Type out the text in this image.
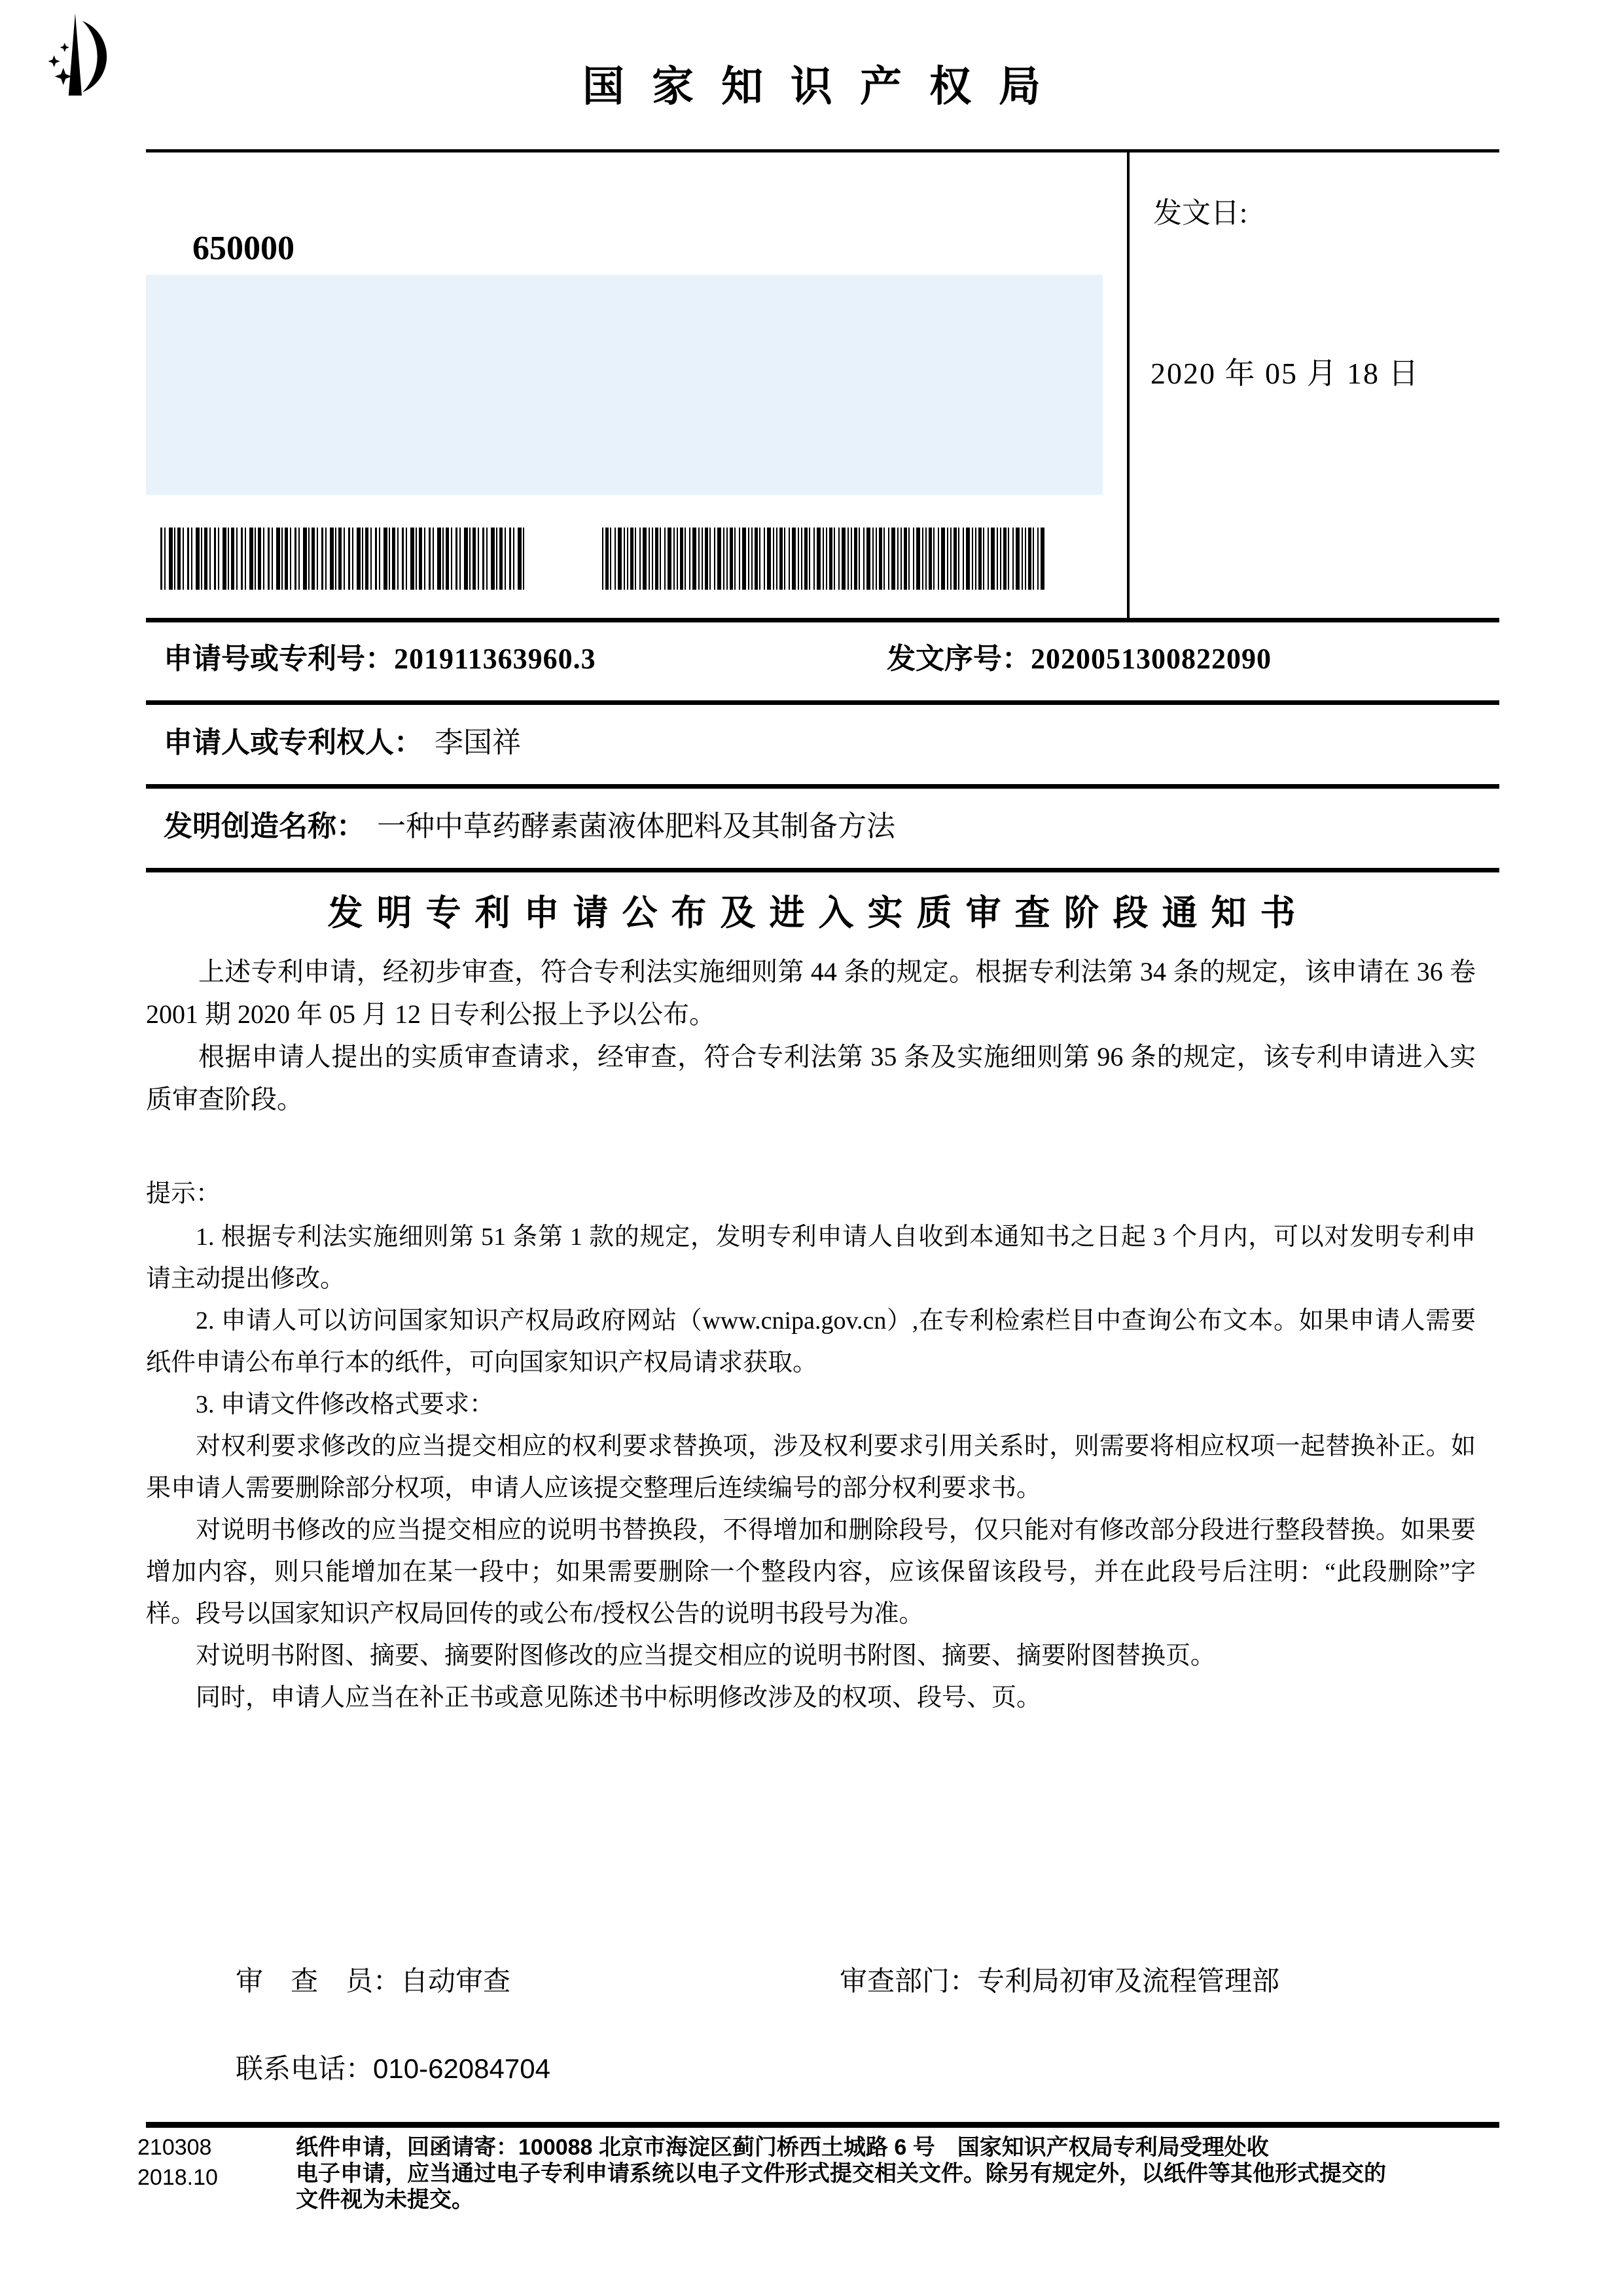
国家知识产权局
650000
发文日:
2020 年 05 月 18 日
申请号或专利号： 201911363960.3	发文序号： 2020051300822090
申请人或专利权人： 李国祥
发明创造名称： 一种中草药酵素菌液体肥料及其制备方法
发明专利申请公布及进入实质审查阶段通知书

上述专利申请，经初步审查，符合专利法实施细则第 44 条的规定。根据专利法第 34 条的规定，该申请在 36 卷 2001 期 2020 年 05 月 12 日专利公报上予以公布。

根据申请人提出的实质审查请求，经审查，符合专利法第 35 条及实施细则第 96 条的规定，该专利申请进入实质审查阶段。

提示：

1. 根据专利法实施细则第 51 条第 1 款的规定，发明专利申请人自收到本通知书之日起 3 个月内，可以对发明专利申请主动提出修改。

2. 申请人可以访问国家知识产权局政府网站（www.cnipa.gov.cn）,在专利检索栏目中查询公布文本。如果申请人需要纸件申请公布单行本的纸件，可向国家知识产权局请求获取。

3. 申请文件修改格式要求：

对权利要求修改的应当提交相应的权利要求替换项，涉及权利要求引用关系时，则需要将相应权项一起替换补正。如果申请人需要删除部分权项，申请人应该提交整理后连续编号的部分权利要求书。

对说明书修改的应当提交相应的说明书替换段，不得增加和删除段号，仅只能对有修改部分段进行整段替换。如果要增加内容，则只能增加在某一段中；如果需要删除一个整段内容，应该保留该段号，并在此段号后注明：“此段删除”字样。段号以国家知识产权局回传的或公布/授权公告的说明书段号为准。

对说明书附图、摘要、摘要附图修改的应当提交相应的说明书附图、摘要、摘要附图替换页。

同时，申请人应当在补正书或意见陈述书中标明修改涉及的权项、段号、页。

审　查　员：自动审查	审查部门：专利局初审及流程管理部
联系电话：010-62084704
210308
2018.10
纸件申请，回函请寄：100088 北京市海淀区蓟门桥西土城路 6 号　国家知识产权局专利局受理处收
电子申请，应当通过电子专利申请系统以电子文件形式提交相关文件。除另有规定外，以纸件等其他形式提交的
文件视为未提交。
